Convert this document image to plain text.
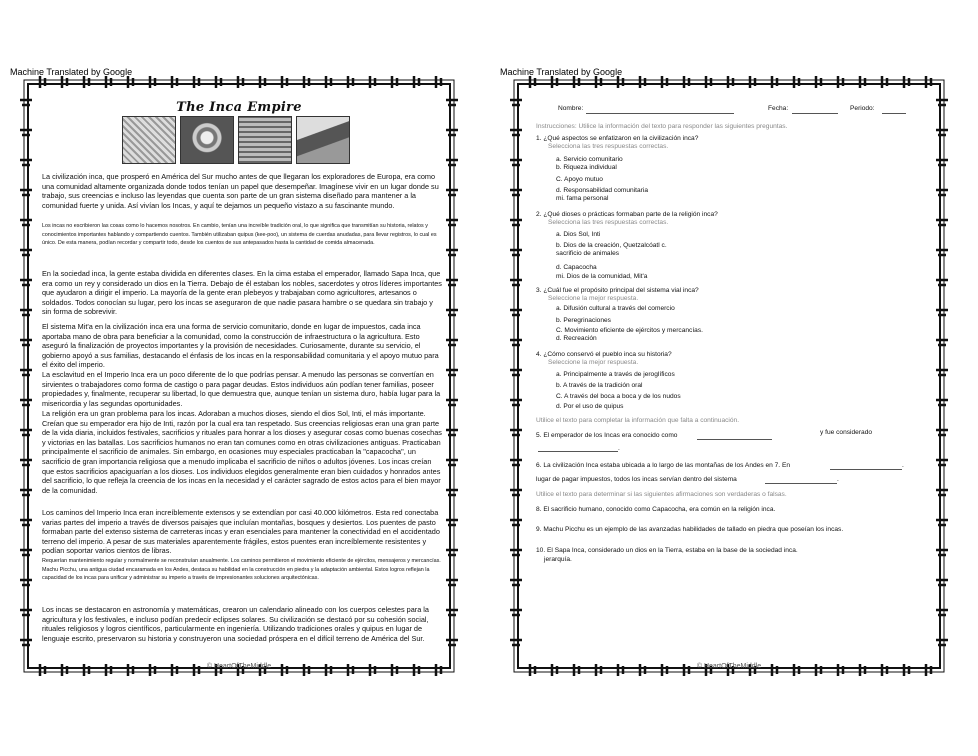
Machine Translated by Google	Machine Translated by Google
The Inca Empire
La civilización inca, que prosperó en América del Sur mucho antes de que llegaran los exploradores de Europa, era como una comunidad altamente organizada donde todos tenían un papel que desempeñar. Imagínese vivir en un lugar donde su trabajo, sus creencias e incluso las leyendas que cuenta son parte de un gran sistema diseñado para mantener a la comunidad fuerte y unida. Así vivían los Incas, y aquí te dejamos un pequeño vistazo a su fascinante mundo.
Los incas no escribieron las cosas como lo hacemos nosotros. En cambio, tenían una increíble tradición oral, lo que significa que transmitían su historia, relatos y conocimientos importantes hablando y compartiendo cuentos. También utilizaban quipus (kee-poo), un sistema de cuerdas anudadas, para llevar registros, lo cual es único. De esta manera, podían recordar y compartir todo, desde los cuentos de sus antepasados hasta la cantidad de comida almacenada.
En la sociedad inca, la gente estaba dividida en diferentes clases. En la cima estaba el emperador, llamado Sapa Inca, que era como un rey y considerado un dios en la Tierra. Debajo de él estaban los nobles, sacerdotes y otros líderes importantes que ayudaron a dirigir el imperio. La mayoría de la gente eran plebeyos y trabajaban como agricultores, artesanos o soldados. Todos conocían su lugar, pero los incas se aseguraron de que nadie pasara hambre o se quedara sin trabajo y sin forma de sobrevivir.
El sistema Mit'a en la civilización inca era una forma de servicio comunitario, donde en lugar de impuestos, cada inca aportaba mano de obra para beneficiar a la comunidad, como la construcción de infraestructura o la agricultura. Esto aseguró la finalización de proyectos importantes y la provisión de necesidades. Curiosamente, durante su servicio, el gobierno apoyó a sus familias, destacando el énfasis de los incas en la responsabilidad comunitaria y el apoyo mutuo para el éxito del imperio.
La esclavitud en el Imperio Inca era un poco diferente de lo que podrías pensar. A menudo las personas se convertían en sirvientes o trabajadores como forma de castigo o para pagar deudas. Estos individuos aún podían tener familias, poseer propiedades y, finalmente, recuperar su libertad, lo que demuestra que, aunque tenían un sistema duro, había lugar para la misericordia y las segundas oportunidades.
La religión era un gran problema para los incas. Adoraban a muchos dioses, siendo el dios Sol, Inti, el más importante. Creían que su emperador era hijo de Inti, razón por la cual era tan respetado. Sus creencias religiosas eran una gran parte de la vida diaria, incluidos festivales, sacrificios y rituales para honrar a los dioses y asegurar cosas como buenas cosechas y victorias en las batallas. Los sacrificios humanos no eran tan comunes como en otras civilizaciones antiguas. Practicaban principalmente el sacrificio de animales. Sin embargo, en ocasiones muy especiales practicaban la "capacocha", un sacrificio de gran importancia religiosa que a menudo implicaba el sacrificio de niños o adultos jóvenes. Los incas creían que estos sacrificios apaciguarían a los dioses. Los individuos elegidos generalmente eran bien cuidados y honrados antes del sacrificio, lo que refleja la creencia de los incas en la necesidad y el carácter sagrado de estos actos para el bien mayor de la comunidad.
Los caminos del Imperio Inca eran increíblemente extensos y se extendían por casi 40.000 kilómetros. Esta red conectaba varias partes del imperio a través de diversos paisajes que incluían montañas, bosques y desiertos. Los puentes de pasto formaban parte del extenso sistema de carreteras incas y eran esenciales para mantener la conectividad en el accidentado terreno del imperio. A pesar de sus materiales aparentemente frágiles, estos puentes eran increíblemente resistentes y podían soportar varios cientos de libras.
Requerían mantenimiento regular y normalmente se reconstruían anualmente. Los caminos permitieron el movimiento eficiente de ejércitos, mensajeros y mercancías. Machu Picchu, una antigua ciudad encaramada en los Andes, destaca su habilidad en la construcción en piedra y la adaptación ambiental. Estos logros reflejan la capacidad de los incas para unificar y administrar su imperio a través de impresionantes soluciones arquitectónicas.
Los incas se destacaron en astronomía y matemáticas, crearon un calendario alineado con los cuerpos celestes para la agricultura y los festivales, e incluso podían predecir eclipses solares. Su civilización se destacó por su cohesión social, rituales religiosos y logros científicos, particularmente en ingeniería. Utilizando tradiciones orales y quipus en lugar de lenguaje escrito, preservaron su historia y construyeron una sociedad próspera en el difícil terreno de América del Sur.
© HeartOfTheMiddle
Nombre:	Fecha:	Periodo:
Instrucciones: Utilice la información del texto para responder las siguientes preguntas.
1. ¿Qué aspectos se enfatizaron en la civilización inca?
Selecciona las tres respuestas correctas.
a. Servicio comunitario
b. Riqueza individual
C. Apoyo mutuo
d. Responsabilidad comunitaria
mi. fama personal
2. ¿Qué dioses o prácticas formaban parte de la religión inca?
Selecciona las tres respuestas correctas.
a. Dios Sol, Inti
b. Dios de la creación, Quetzalcóatl c.
sacrificio de animales
d. Capacocha
mi. Dios de la comunidad, Mit'a
3. ¿Cuál fue el propósito principal del sistema vial inca?
Seleccione la mejor respuesta.
a. Difusión cultural a través del comercio
b. Peregrinaciones
C. Movimiento eficiente de ejércitos y mercancías.
d. Recreación
4. ¿Cómo conservó el pueblo inca su historia?
Seleccione la mejor respuesta.
a. Principalmente a través de jeroglíficos
b. A través de la tradición oral
C. A través del boca a boca y de los nudos
d. Por el uso de quipus
Utilice el texto para completar la información que falta a continuación.
5. El emperador de los Incas era conocido como	y fue considerado
.
6. La civilización Inca estaba ubicada a lo largo de las montañas de los Andes en 7. En	.
lugar de pagar impuestos, todos los incas servían dentro del sistema	.
Utilice el texto para determinar si las siguientes afirmaciones son verdaderas o falsas.
8. El sacrificio humano, conocido como Capacocha, era común en la religión inca.
9. Machu Picchu es un ejemplo de las avanzadas habilidades de tallado en piedra que poseían los incas.
10. El Sapa Inca, considerado un dios en la Tierra, estaba en la base de la sociedad inca.
jerarquía.
© HeartOfTheMiddle
